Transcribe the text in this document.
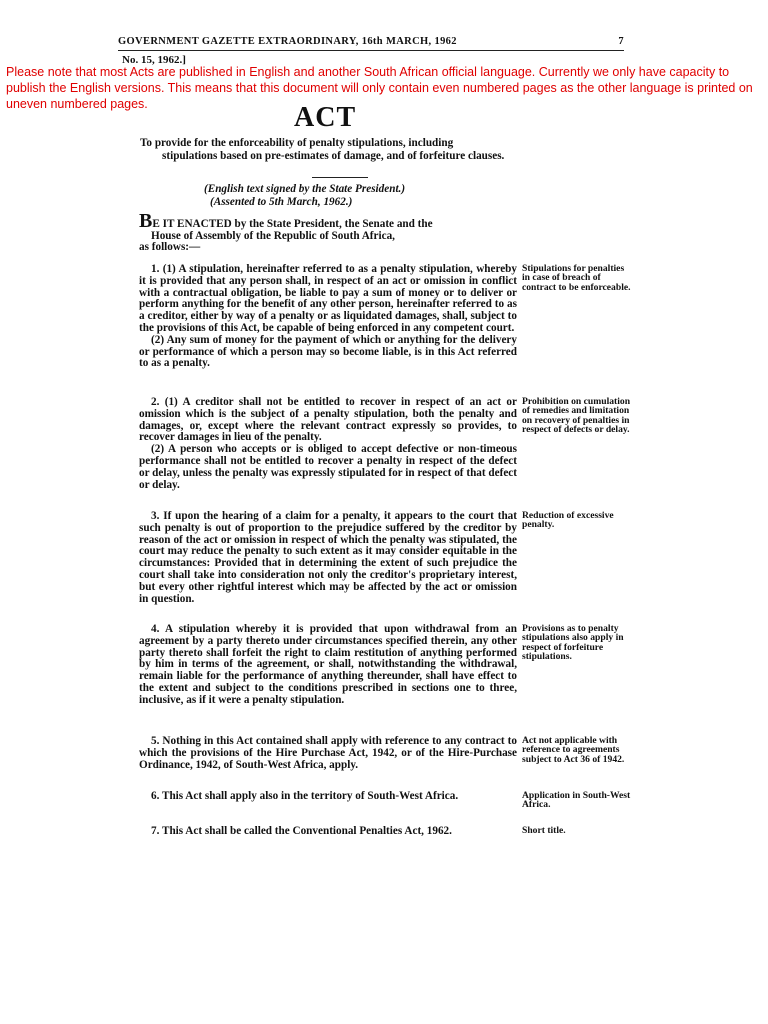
GOVERNMENT GAZETTE EXTRAORDINARY, 16th MARCH, 1962	7
No. 15, 1962.]
Please note that most Acts are published in English and another South African official language. Currently we only have capacity to publish the English versions. This means that this document will only contain even numbered pages as the other language is printed on uneven numbered pages.	ACT
To provide for the enforceability of penalty stipulations, including
stipulations based on pre-estimates of damage, and of forfeiture clauses.
(English text signed by the State President.)
(Assented to 5th March, 1962.)
BE IT ENACTED by the State President, the Senate and the
House of Assembly of the Republic of South Africa,
as follows:—

1. (1) A stipulation, hereinafter referred to as a penalty stipulation, whereby it is provided that any person shall, in respect of an act or omission in conflict with a contractual obligation, be liable to pay a sum of money or to deliver or perform anything for the benefit of any other person, hereinafter referred to as a creditor, either by way of a penalty or as liquidated damages, shall, subject to the provisions of this Act, be capable of being enforced in any competent court.

(2) Any sum of money for the payment of which or anything for the delivery or performance of which a person may so become liable, is in this Act referred to as a penalty.

Stipulations for penalties in case of breach of contract to be enforceable.

2. (1) A creditor shall not be entitled to recover in respect of an act or omission which is the subject of a penalty stipulation, both the penalty and damages, or, except where the relevant contract expressly so provides, to recover damages in lieu of the penalty.

(2) A person who accepts or is obliged to accept defective or non-timeous performance shall not be entitled to recover a penalty in respect of the defect or delay, unless the penalty was expressly stipulated for in respect of that defect or delay.

Prohibition on cumulation of remedies and limitation on recovery of penalties in respect of defects or delay.

3. If upon the hearing of a claim for a penalty, it appears to the court that such penalty is out of proportion to the prejudice suffered by the creditor by reason of the act or omission in respect of which the penalty was stipulated, the court may reduce the penalty to such extent as it may consider equitable in the circumstances: Provided that in determining the extent of such prejudice the court shall take into consideration not only the creditor's proprietary interest, but every other rightful interest which may be affected by the act or omission in question.

Reduction of excessive penalty.

4. A stipulation whereby it is provided that upon withdrawal from an agreement by a party thereto under circumstances specified therein, any other party thereto shall forfeit the right to claim restitution of anything performed by him in terms of the agreement, or shall, notwithstanding the withdrawal, remain liable for the performance of anything thereunder, shall have effect to the extent and subject to the conditions prescribed in sections one to three, inclusive, as if it were a penalty stipulation.

Provisions as to penalty stipulations also apply in respect of forfeiture stipulations.

5. Nothing in this Act contained shall apply with reference to any contract to which the provisions of the Hire Purchase Act, 1942, or of the Hire-Purchase Ordinance, 1942, of South-West Africa, apply.

Act not applicable with reference to agreements subject to Act 36 of 1942.

6. This Act shall apply also in the territory of South-West Africa.	Application in South-West Africa.

7. This Act shall be called the Conventional Penalties Act, 1962.	Short title.
